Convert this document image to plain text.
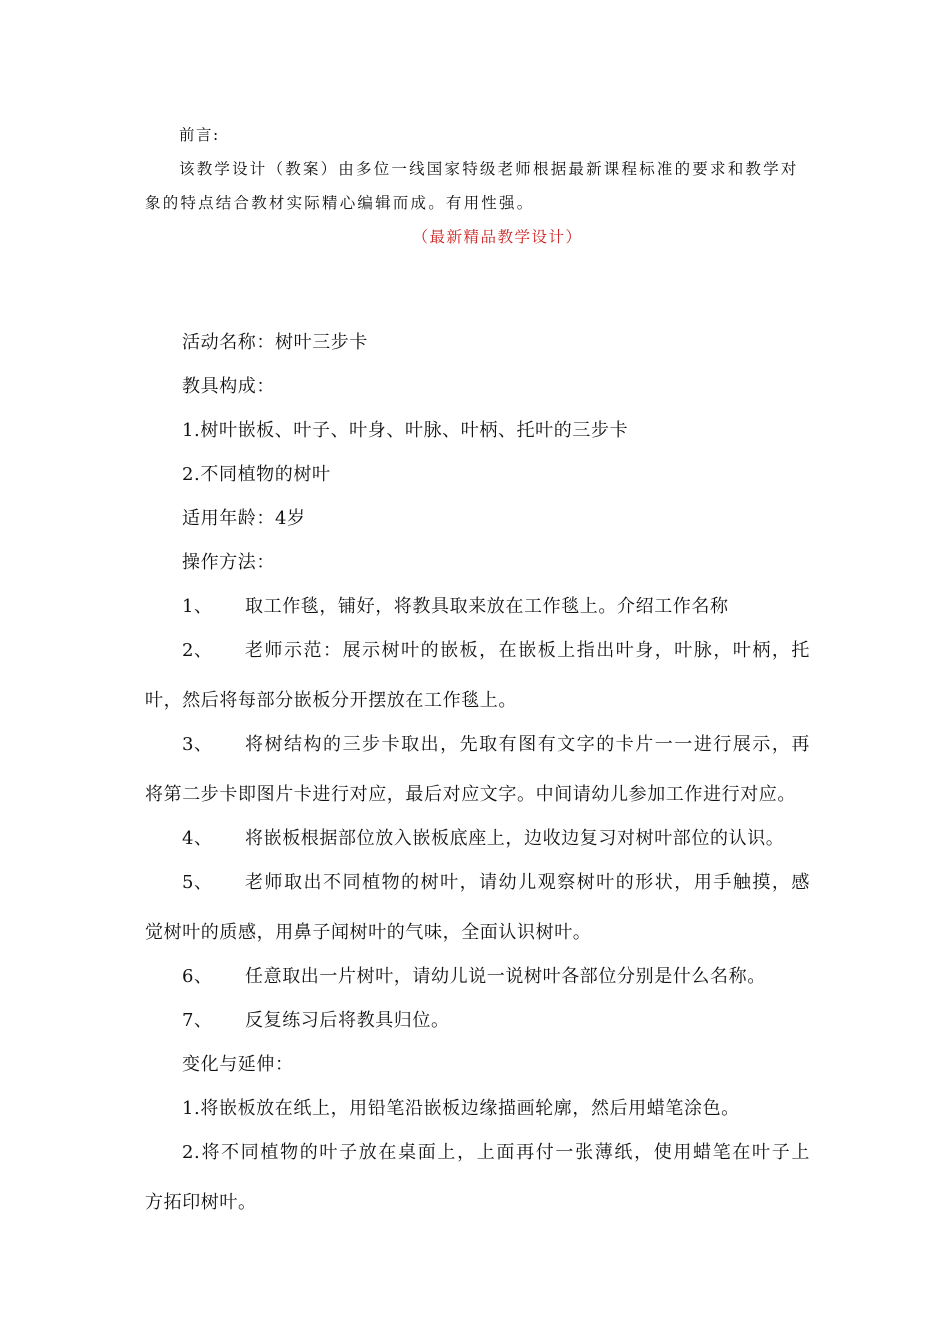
前言:
该教学设计（教案）由多位一线国家特级老师根据最新课程标准的要求和教学对象的特点结合教材实际精心编辑而成。有用性强。
（最新精品教学设计）
活动名称：树叶三步卡
教具构成：
1.树叶嵌板、叶子、叶身、叶脉、叶柄、托叶的三步卡
2.不同植物的树叶
适用年龄：4岁
操作方法：
1、	取工作毯，铺好，将教具取来放在工作毯上。介绍工作名称
2、	老师示范：展示树叶的嵌板，在嵌板上指出叶身，叶脉，叶柄，托
叶，然后将每部分嵌板分开摆放在工作毯上。
3、	将树结构的三步卡取出，先取有图有文字的卡片一一进行展示，再
将第二步卡即图片卡进行对应，最后对应文字。中间请幼儿参加工作进行对应。
4、	将嵌板根据部位放入嵌板底座上，边收边复习对树叶部位的认识。
5、	老师取出不同植物的树叶，请幼儿观察树叶的形状，用手触摸，感
觉树叶的质感，用鼻子闻树叶的气味，全面认识树叶。
6、	任意取出一片树叶，请幼儿说一说树叶各部位分别是什么名称。
7、	反复练习后将教具归位。
变化与延伸：
1.将嵌板放在纸上，用铅笔沿嵌板边缘描画轮廓，然后用蜡笔涂色。
2.将不同植物的叶子放在桌面上，上面再付一张薄纸，使用蜡笔在叶子上
方拓印树叶。
